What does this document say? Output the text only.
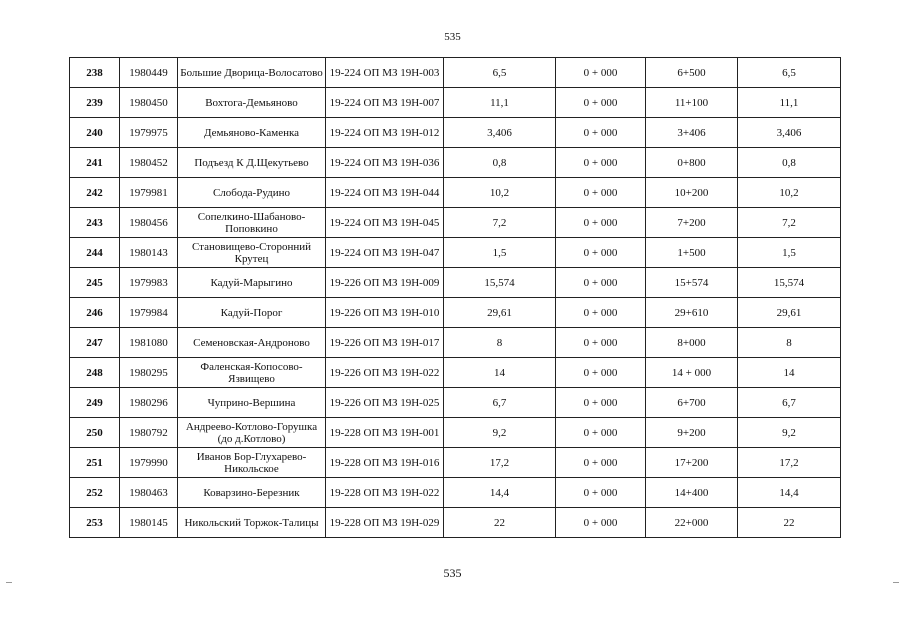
535
238	1980449	Большие Дворица-Волосатово	19-224 ОП МЗ 19Н-003	6,5	0 + 000	6+500	6,5
239	1980450	Вохтога-Демьяново	19-224 ОП МЗ 19Н-007	11,1	0 + 000	11+100	11,1
240	1979975	Демьяново-Каменка	19-224 ОП МЗ 19Н-012	3,406	0 + 000	3+406	3,406
241	1980452	Подъезд К Д.Щекутьево	19-224 ОП МЗ 19Н-036	0,8	0 + 000	0+800	0,8
242	1979981	Слобода-Рудино	19-224 ОП МЗ 19Н-044	10,2	0 + 000	10+200	10,2
243	1980456	Сопелкино-Шабаново-Поповкино	19-224 ОП МЗ 19Н-045	7,2	0 + 000	7+200	7,2
244	1980143	Становищево-Сторонний Крутец	19-224 ОП МЗ 19Н-047	1,5	0 + 000	1+500	1,5
245	1979983	Кадуй-Марыгино	19-226 ОП МЗ 19Н-009	15,574	0 + 000	15+574	15,574
246	1979984	Кадуй-Порог	19-226 ОП МЗ 19Н-010	29,61	0 + 000	29+610	29,61
247	1981080	Семеновская-Андроново	19-226 ОП МЗ 19Н-017	8	0 + 000	8+000	8
248	1980295	Фаленская-Копосово-Язвищево	19-226 ОП МЗ 19Н-022	14	0 + 000	14 + 000	14
249	1980296	Чуприно-Вершина	19-226 ОП МЗ 19Н-025	6,7	0 + 000	6+700	6,7
250	1980792	Андреево-Котлово-Горушка (до д.Котлово)	19-228 ОП МЗ 19Н-001	9,2	0 + 000	9+200	9,2
251	1979990	Иванов Бор-Глухарево-Никольское	19-228 ОП МЗ 19Н-016	17,2	0 + 000	17+200	17,2
252	1980463	Коварзино-Березник	19-228 ОП МЗ 19Н-022	14,4	0 + 000	14+400	14,4
253	1980145	Никольский Торжок-Талицы	19-228 ОП МЗ 19Н-029	22	0 + 000	22+000	22
535
